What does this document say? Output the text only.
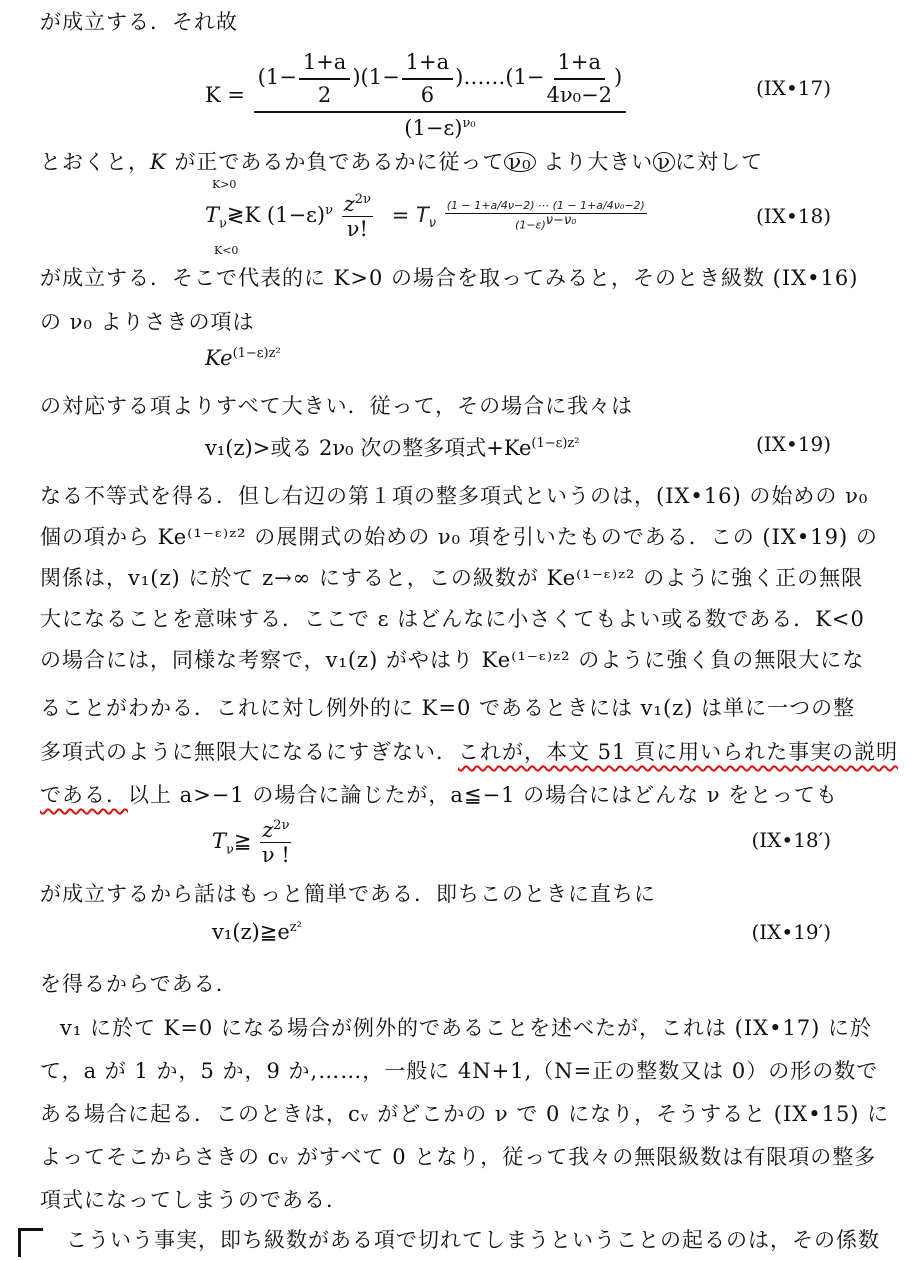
が成立する．それ故
$K = \frac{(1- \frac{1+a}{2} )(1- \frac{1+a}{6} )\dots\dots(1- \frac{1+a}{\text{4ν₀−2}} )}{(1-\varepsilon)^{\nu_0}}$	(IX•17)
とおくと，K が正であるか負であるかに従って ν₀ より大きい ν に対して
K>0
K<0
$T_\nu≷K$ $(1-\varepsilon)^\nu \frac{z^{2\nu}}{\nu!} = T_\nu \frac{\text{(1 − 1+a/4ν−2) ⋯ (1 − 1+a/4ν₀−2)}}{(1-\varepsilon)^{\nu-\nu_0}}$	(IX•18)
が成立する．そこで代表的に K>0 の場合を取ってみると，そのとき級数 (IX•16)
の ν₀ よりさきの項は
$Ke^{(1-\varepsilon)z^2}$
の対応する項よりすべて大きい．従って，その場合に我々は
v₁(z)>或る 2ν₀ 次の整多項式$+Ke^{(1-\varepsilon)z^2}$	(IX•19)
なる不等式を得る．但し右辺の第１項の整多項式というのは，(IX•16) の始めの ν₀
個の項から Ke⁽¹⁻ᵋ⁾ᶻ² の展開式の始めの ν₀ 項を引いたものである．この (IX•19) の
関係は，v₁(z) に於て z→∞ にすると，この級数が Ke⁽¹⁻ᵋ⁾ᶻ² のように強く正の無限
大になることを意味する．ここで ε はどんなに小さくてもよい或る数である．K<0
の場合には，同様な考察で，v₁(z) がやはり Ke⁽¹⁻ᵋ⁾ᶻ² のように強く負の無限大にな
ることがわかる．これに対し例外的に K=0 であるときには v₁(z) は単に一つの整
多項式のように無限大になるにすぎない．これが，本文 51 頁に用いられた事実の説明
である．以上 a>−1 の場合に論じたが，a≦−1 の場合にはどんな ν をとっても
$T_\nu≧ \frac{z^{2\nu}}{\nu !}$	(IX•18′)
が成立するから話はもっと簡単である．即ちこのときに直ちに
$v_1(z)≧e^{z^2}$	(IX•19′)
を得るからである．
v₁ に於て K=0 になる場合が例外的であることを述べたが，これは (IX•17) に於
て，a が 1 か，5 か，9 か,……，一般に 4N+1,（N=正の整数又は 0）の形の数で
ある場合に起る．このときは，cᵥ がどこかの ν で 0 になり，そうすると (IX•15) に
よってそこからさきの cᵥ がすべて 0 となり，従って我々の無限級数は有限項の整多
項式になってしまうのである．
こういう事実，即ち級数がある項で切れてしまうということの起るのは，その係数
